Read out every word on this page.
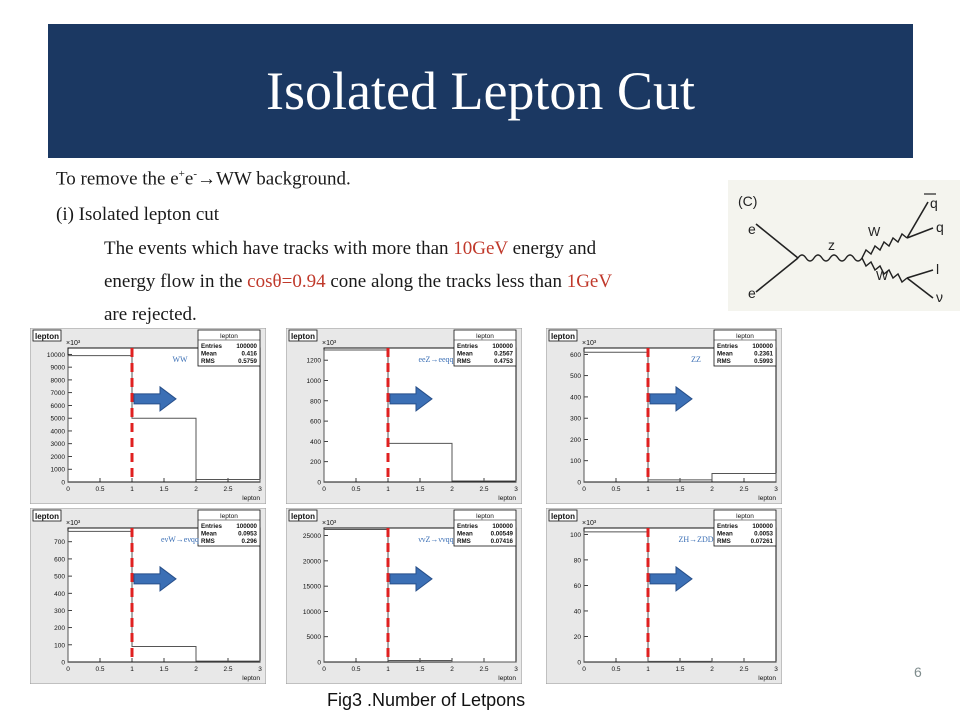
Isolated Lepton Cut
To remove the e+e-→WW background.
(i) Isolated lepton cut
The events which have tracks with more than 10GeV energy and
energy flow in the cosθ=0.94 cone along the tracks less than 1GeV
are rejected.
(C)
e
e
z
W
W
q
q
l
ν
lepton
×10³
lepton
Entries 100000
Mean	0.416
RMS	0.5759
0
1000
2000
3000
4000
5000
6000
7000
8000
9000
10000
0	0.5	1	1.5	2	2.5	3
lepton
WW
lepton
×10³
lepton
Entries 100000
Mean	0.2567
RMS	0.4753
0
200
400
600
800
1000
1200
0	0.5	1	1.5	2	2.5	3
lepton
eeZ→eeqq
lepton
×10³
lepton
Entries 100000
Mean	0.2361
RMS	0.5993
0
100
200
300
400
500
600
0	0.5	1	1.5	2	2.5	3
lepton
ZZ
lepton
×10³
lepton
Entries 100000
Mean	0.0953
RMS	0.296
0
100
200
300
400
500
600
700
0	0.5	1	1.5	2	2.5	3
lepton
eνW→eνqq
lepton
×10³
lepton
Entries 100000
Mean	0.00549
RMS	0.07416
0
5000
10000
15000
20000
25000
0	0.5	1	1.5	2	2.5	3
lepton
ννZ→ννqq
lepton
×10³
lepton
Entries 100000
Mean	0.0053
RMS	0.07261
0
20
40
60
80
100
0	0.5	1	1.5	2	2.5	3
lepton
ZH→ZDD
6
Fig3 .Number of Letpons
